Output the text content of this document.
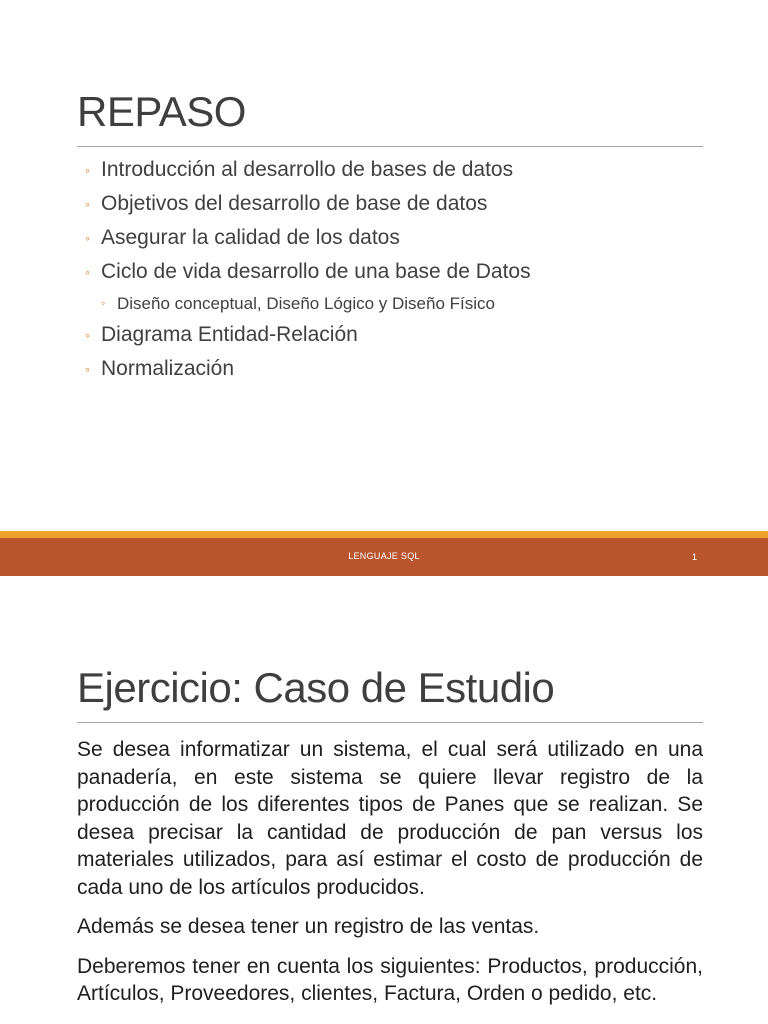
REPASO
◦ Introducción al desarrollo de bases de datos
◦ Objetivos del desarrollo de base de datos
◦ Asegurar la calidad de los datos
◦ Ciclo de vida desarrollo de una base de Datos
◦ Diseño conceptual, Diseño Lógico y Diseño Físico
◦ Diagrama Entidad-Relación
◦ Normalización
LENGUAJE SQL	1
Ejercicio: Caso de Estudio

Se desea informatizar un sistema, el cual será utilizado en una panadería, en este sistema se quiere llevar registro de la producción de los diferentes tipos de Panes que se realizan. Se desea precisar la cantidad de producción de pan versus los materiales utilizados, para así estimar el costo de producción de cada uno de los artículos producidos.

Además se desea tener un registro de las ventas.

Deberemos tener en cuenta los siguientes: Productos, producción, Artículos, Proveedores, clientes, Factura, Orden o pedido, etc.
